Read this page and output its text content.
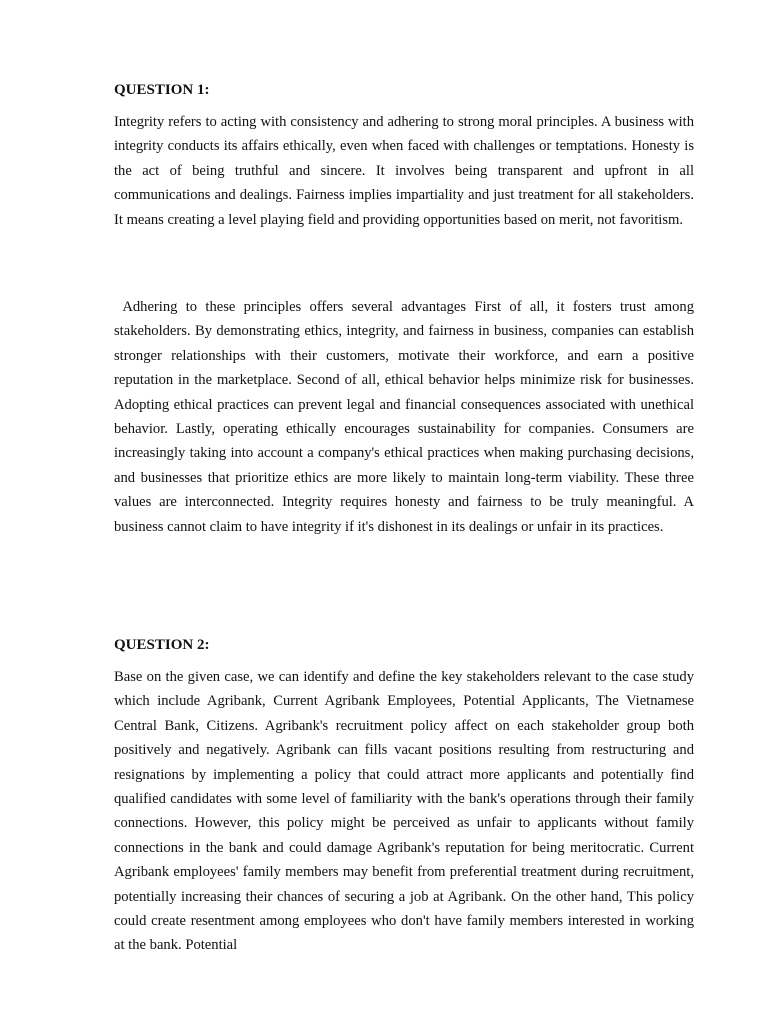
QUESTION 1:

Integrity refers to acting with consistency and adhering to strong moral principles. A business with integrity conducts its affairs ethically, even when faced with challenges or temptations. Honesty is the act of being truthful and sincere. It involves being transparent and upfront in all communications and dealings. Fairness implies impartiality and just treatment for all stakeholders. It means creating a level playing field and providing opportunities based on merit, not favoritism.

Adhering to these principles offers several advantages First of all, it fosters trust among stakeholders. By demonstrating ethics, integrity, and fairness in business, companies can establish stronger relationships with their customers, motivate their workforce, and earn a positive reputation in the marketplace. Second of all, ethical behavior helps minimize risk for businesses. Adopting ethical practices can prevent legal and financial consequences associated with unethical behavior. Lastly, operating ethically encourages sustainability for companies. Consumers are increasingly taking into account a company's ethical practices when making purchasing decisions, and businesses that prioritize ethics are more likely to maintain long-term viability. These three values are interconnected. Integrity requires honesty and fairness to be truly meaningful. A business cannot claim to have integrity if it's dishonest in its dealings or unfair in its practices.

QUESTION 2:

Base on the given case, we can identify and define the key stakeholders relevant to the case study which include Agribank, Current Agribank Employees, Potential Applicants, The Vietnamese Central Bank, Citizens. Agribank's recruitment policy affect on each stakeholder group both positively and negatively. Agribank can fills vacant positions resulting from restructuring and resignations by implementing a policy that could attract more applicants and potentially find qualified candidates with some level of familiarity with the bank's operations through their family connections. However, this policy might be perceived as unfair to applicants without family connections in the bank and could damage Agribank's reputation for being meritocratic. Current Agribank employees' family members may benefit from preferential treatment during recruitment, potentially increasing their chances of securing a job at Agribank. On the other hand, This policy could create resentment among employees who don't have family members interested in working at the bank. Potential
